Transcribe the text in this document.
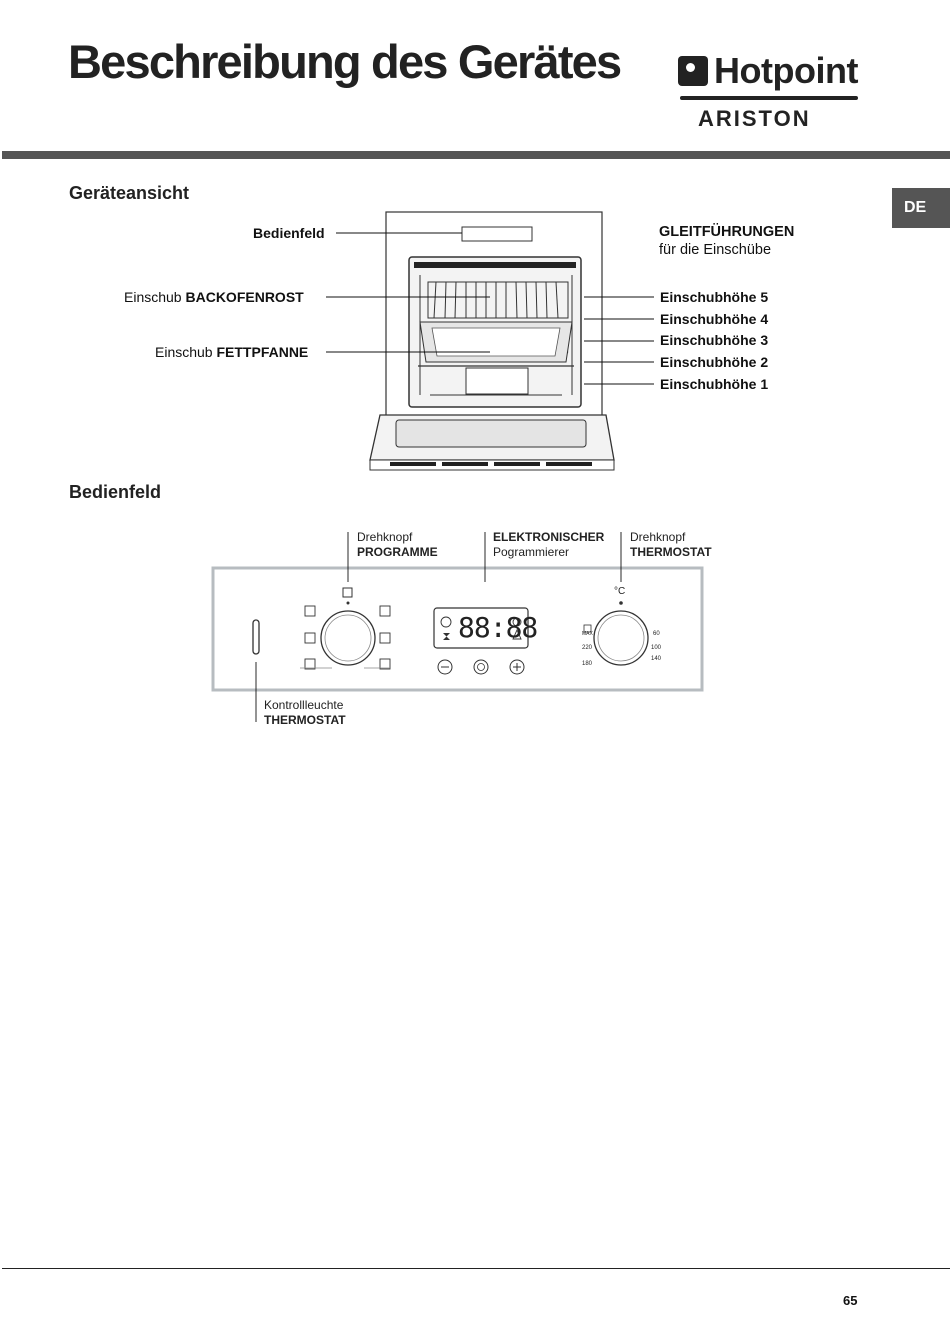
Beschreibung des Gerätes	Hotpoint
ARISTON
DE
Geräteansicht
Bedienfeld	GLEITFÜHRUNGEN
für die Einschübe
Einschub BACKOFENROST
Einschub FETTPFANNE
Einschubhöhe 5
Einschubhöhe 4
Einschubhöhe 3
Einschubhöhe 2
Einschubhöhe 1
Bedienfeld
Drehknopf
PROGRAMME
ELEKTRONISCHER
Pogrammierer
Drehknopf
THERMOSTAT
Kontrollleuchte
THERMOSTAT
88:88
°C
MAX
220
180
60
100
140
65
